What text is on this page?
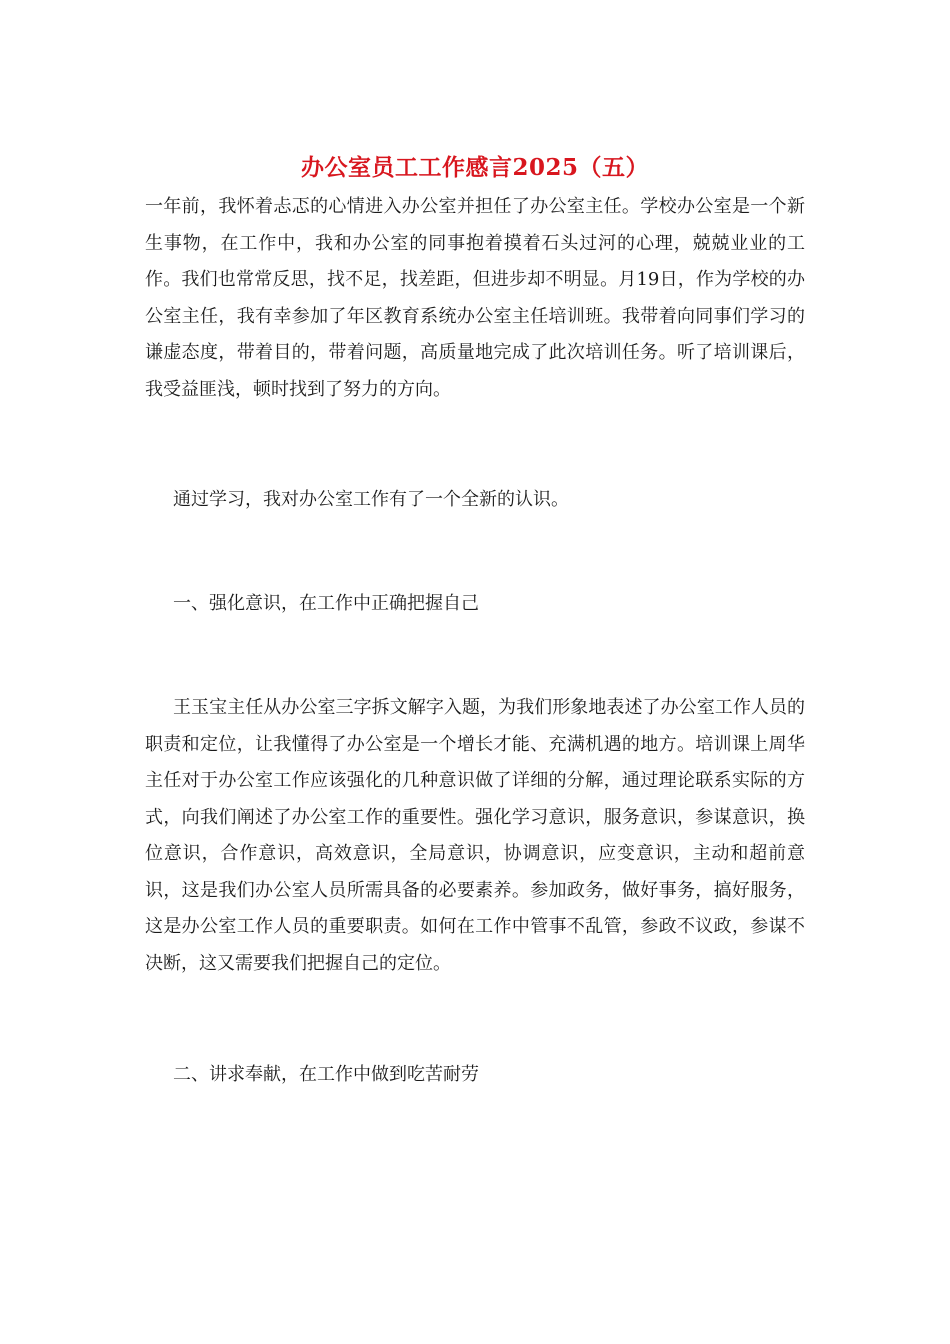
办公室员工工作感言2025（五）

一年前，我怀着忐忑的心情进入办公室并担任了办公室主任。学校办公室是一个新生事物，在工作中，我和办公室的同事抱着摸着石头过河的心理，兢兢业业的工作。我们也常常反思，找不足，找差距，但进步却不明显。月19日，作为学校的办公室主任，我有幸参加了年区教育系统办公室主任培训班。我带着向同事们学习的谦虚态度，带着目的，带着问题，高质量地完成了此次培训任务。听了培训课后，我受益匪浅，顿时找到了努力的方向。

通过学习，我对办公室工作有了一个全新的认识。

一、强化意识，在工作中正确把握自己

王玉宝主任从办公室三字拆文解字入题，为我们形象地表述了办公室工作人员的职责和定位，让我懂得了办公室是一个增长才能、充满机遇的地方。培训课上周华主任对于办公室工作应该强化的几种意识做了详细的分解，通过理论联系实际的方式，向我们阐述了办公室工作的重要性。强化学习意识，服务意识，参谋意识，换位意识，合作意识，高效意识，全局意识，协调意识，应变意识，主动和超前意识，这是我们办公室人员所需具备的必要素养。参加政务，做好事务，搞好服务，这是办公室工作人员的重要职责。如何在工作中管事不乱管，参政不议政，参谋不决断，这又需要我们把握自己的定位。

二、讲求奉献，在工作中做到吃苦耐劳
